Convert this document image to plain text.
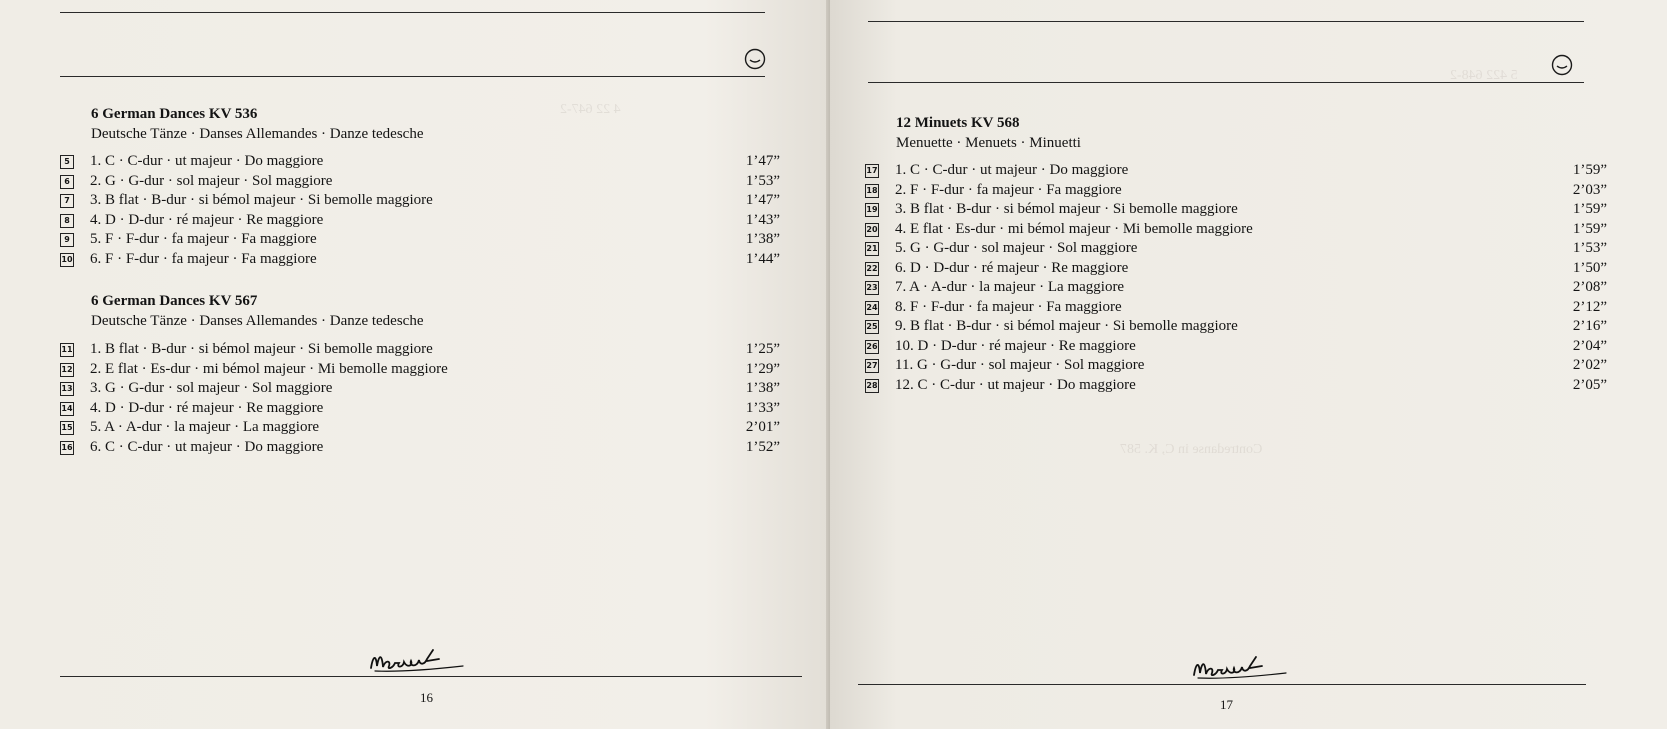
4 22 647-2
6 German Dances KV 536
Deutsche Tänze · Danses Allemandes · Danze tedesche
5 1. C · C-dur · ut majeur · Do maggiore	1’47”
6 2. G · G-dur · sol majeur · Sol maggiore	1’53”
7 3. B flat · B-dur · si bémol majeur · Si bemolle maggiore	1’47”
8 4. D · D-dur · ré majeur · Re maggiore	1’43”
9 5. F · F-dur · fa majeur · Fa maggiore	1’38”
10 6. F · F-dur · fa majeur · Fa maggiore	1’44”
6 German Dances KV 567
Deutsche Tänze · Danses Allemandes · Danze tedesche
11 1. B flat · B-dur · si bémol majeur · Si bemolle maggiore	1’25”
12 2. E flat · Es-dur · mi bémol majeur · Mi bemolle maggiore	1’29”
13 3. G · G-dur · sol majeur · Sol maggiore	1’38”
14 4. D · D-dur · ré majeur · Re maggiore	1’33”
15 5. A · A-dur · la majeur · La maggiore	2’01”
16 6. C · C-dur · ut majeur · Do maggiore	1’52”
16
5 422 648-2
12 Minuets KV 568
Menuette · Menuets · Minuetti
17 1. C · C-dur · ut majeur · Do maggiore	1’59”
18 2. F · F-dur · fa majeur · Fa maggiore	2’03”
19 3. B flat · B-dur · si bémol majeur · Si bemolle maggiore	1’59”
20 4. E flat · Es-dur · mi bémol majeur · Mi bemolle maggiore	1’59”
21 5. G · G-dur · sol majeur · Sol maggiore	1’53”
22 6. D · D-dur · ré majeur · Re maggiore	1’50”
23 7. A · A-dur · la majeur · La maggiore	2’08”
24 8. F · F-dur · fa majeur · Fa maggiore	2’12”
25 9. B flat · B-dur · si bémol majeur · Si bemolle maggiore	2’16”
26 10. D · D-dur · ré majeur · Re maggiore	2’04”
27 11. G · G-dur · sol majeur · Sol maggiore	2’02”
28 12. C · C-dur · ut majeur · Do maggiore	2’05”
Contredanse in C, K. 587
17
